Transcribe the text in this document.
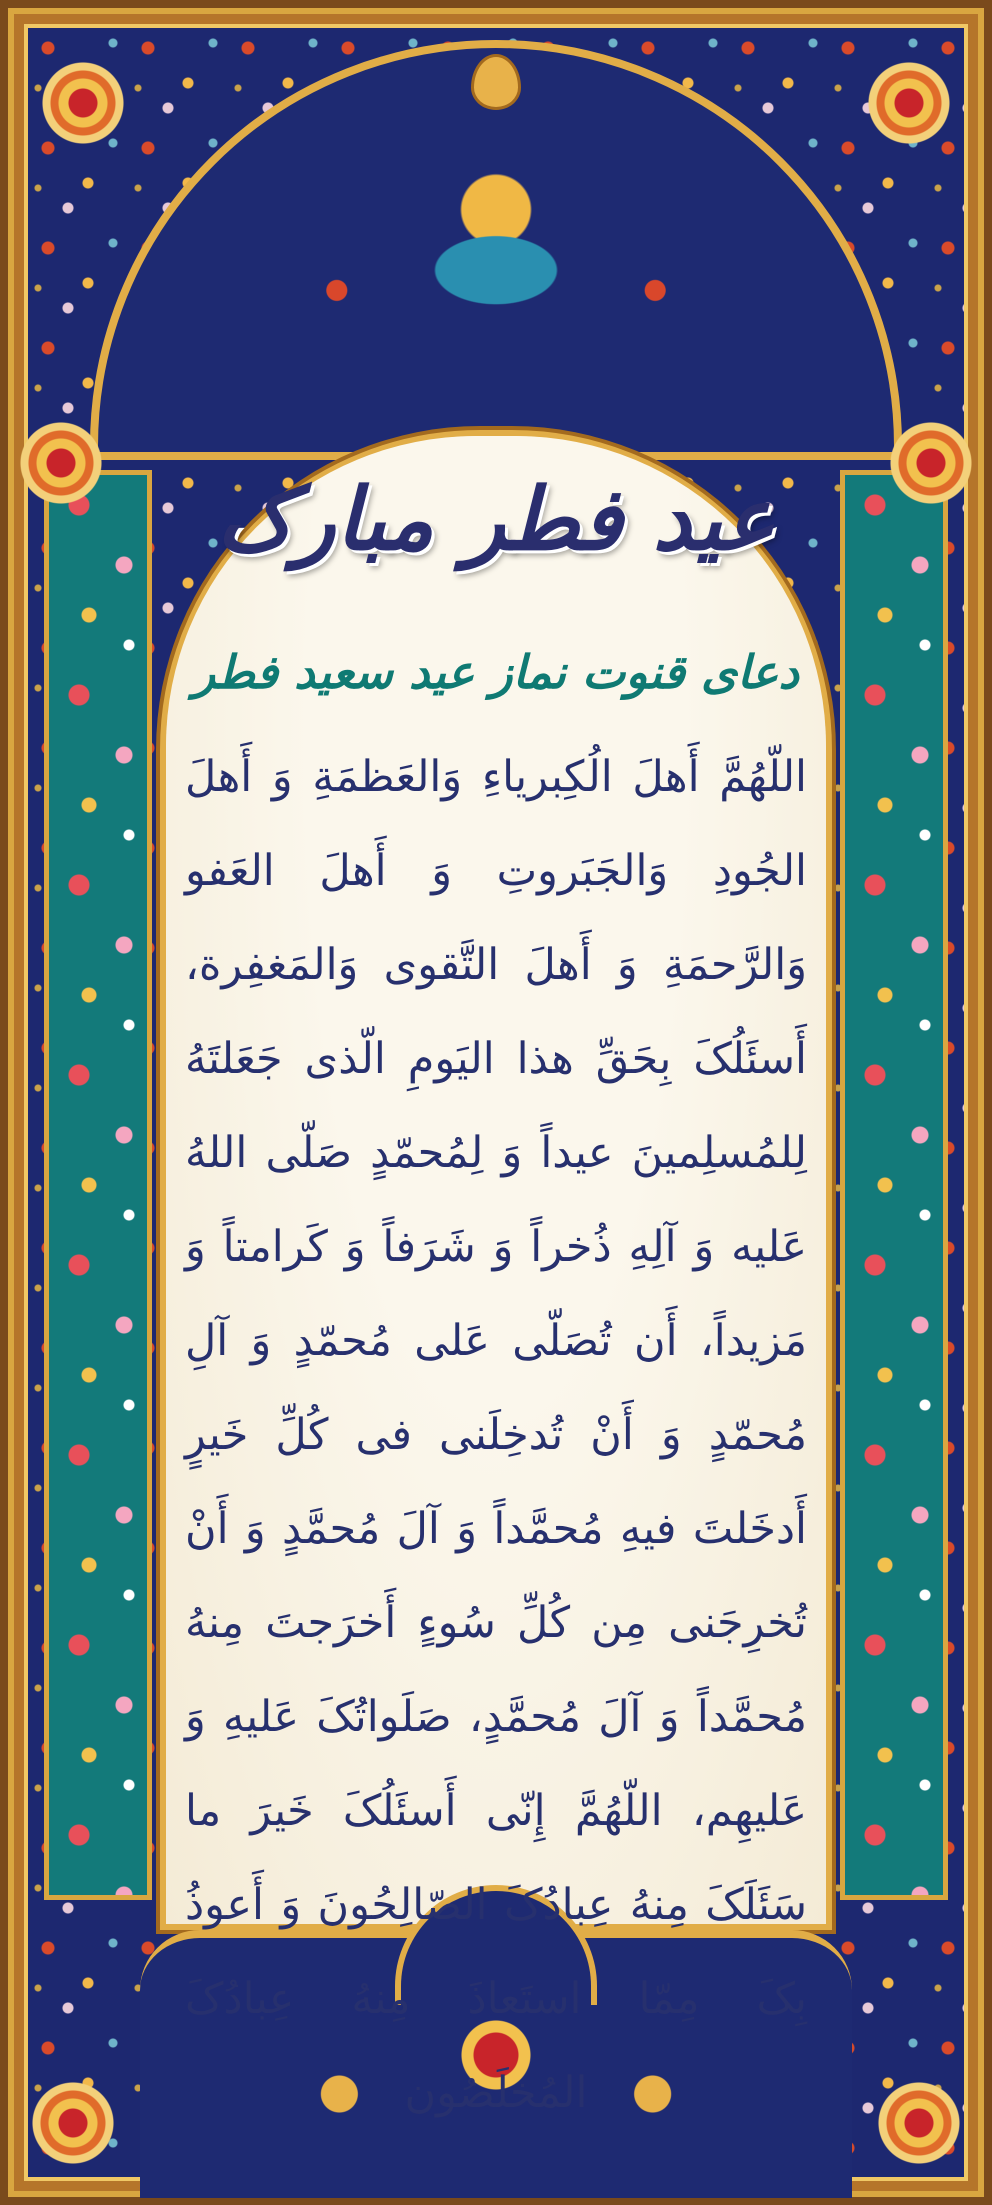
عید فطر مبارک
دعای قنوت نماز عید سعید فطر
اللّهُمَّ أَهلَ الُكِبرياءِ وَالعَظمَةِ وَ أَهلَ الجُودِ وَالجَبَروتِ وَ أَهلَ العَفو وَالرَّحمَةِ وَ أَهلَ التَّقوى وَالمَغفِرة، أَسئَلُکَ بِحَقِّ هذا اليَومِ الّذی جَعَلتَهُ لِلمُسلِمينَ عيداً وَ لِمُحمّدٍ صَلّی اللهُ عَليه وَ آلِهِ ذُخراً وَ شَرَفاً وَ کَرامتاً وَ مَزيداً، أَن تُصَلّی عَلی مُحمّدٍ وَ آلِ مُحمّدٍ وَ أَنْ تُدخِلَنی فی کُلِّ خَيرٍ أَدخَلتَ فيهِ مُحمَّداً وَ آلَ مُحمَّدٍ وَ أَنْ تُخرِجَنی مِن کُلِّ سُوءٍ أَخرَجتَ مِنهُ مُحمَّداً وَ آلَ مُحمَّدٍ، صَلَواتُکَ عَليهِ وَ عَليهِم، اللّهُمَّ إِنّی أَسئَلُکَ خَيرَ ما سَئَلَکَ مِنهُ عِبادُکَ الصّالِحُونَ وَ أَعوذُ بِکَ مِمّا استَعاذَ مِنهُ عِبادُکَ المُخلَصُون
